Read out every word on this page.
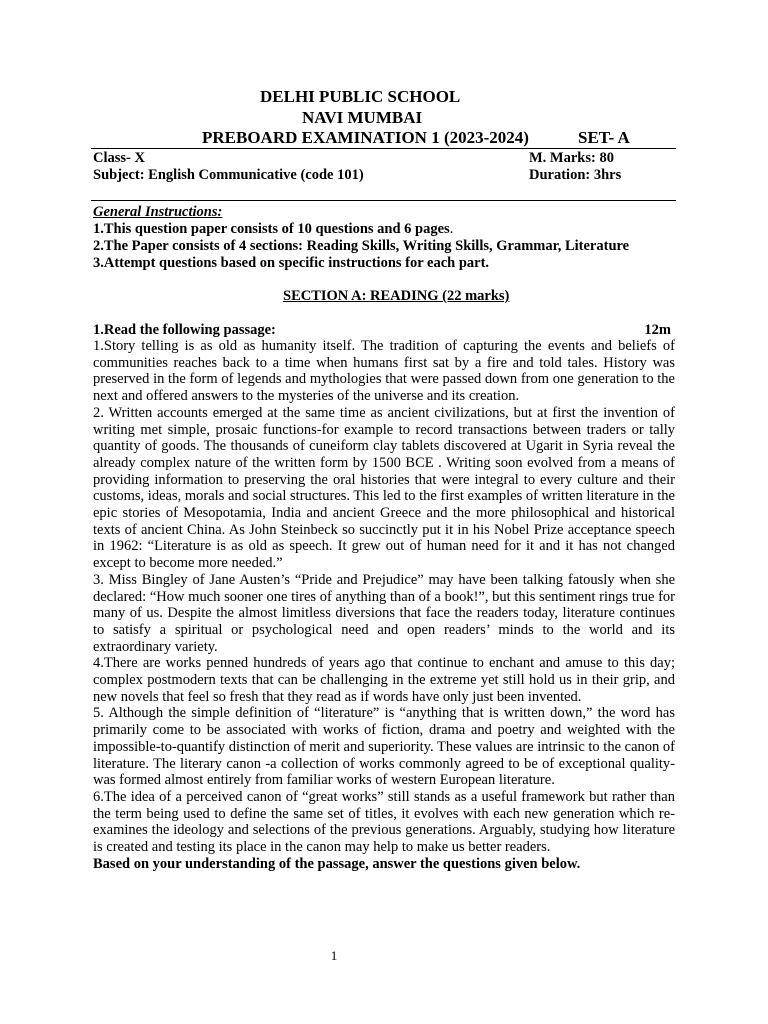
DELHI PUBLIC SCHOOL
NAVI MUMBAI
PREBOARD EXAMINATION 1 (2023-2024)	SET- A
Class- X
Subject: English Communicative (code 101)
M. Marks: 80
Duration: 3hrs
General Instructions:
1.This question paper consists of 10 questions and 6 pages.
2.The Paper consists of 4 sections: Reading Skills, Writing Skills, Grammar, Literature
3.Attempt questions based on specific instructions for each part.
SECTION A: READING (22 marks)
1.Read the following passage:	12m

1.Story telling is as old as humanity itself. The tradition of capturing the events and beliefs of communities reaches back to a time when humans first sat by a fire and told tales. History was preserved in the form of legends and mythologies that were passed down from one generation to the next and offered answers to the mysteries of the universe and its creation.

2. Written accounts emerged at the same time as ancient civilizations, but at first the invention of writing met simple, prosaic functions-for example to record transactions between traders or tally quantity of goods. The thousands of cuneiform clay tablets discovered at Ugarit in Syria reveal the already complex nature of the written form by 1500 BCE . Writing soon evolved from a means of providing information to preserving the oral histories that were integral to every culture and their customs, ideas, morals and social structures. This led to the first examples of written literature in the epic stories of Mesopotamia, India and ancient Greece and the more philosophical and historical texts of ancient China. As John Steinbeck so succinctly put it in his Nobel Prize acceptance speech in 1962: “Literature is as old as speech. It grew out of human need for it and it has not changed except to become more needed.”

3. Miss Bingley of Jane Austen’s “Pride and Prejudice” may have been talking fatously when she declared: “How much sooner one tires of anything than of a book!”, but this sentiment rings true for many of us. Despite the almost limitless diversions that face the readers today, literature continues to satisfy a spiritual or psychological need and open readers’ minds to the world and its extraordinary variety.

4.There are works penned hundreds of years ago that continue to enchant and amuse to this day; complex postmodern texts that can be challenging in the extreme yet still hold us in their grip, and new novels that feel so fresh that they read as if words have only just been invented.

5. Although the simple definition of “literature” is “anything that is written down,” the word has primarily come to be associated with works of fiction, drama and poetry and weighted with the impossible-to-quantify distinction of merit and superiority. These values are intrinsic to the canon of literature. The literary canon -a collection of works commonly agreed to be of exceptional quality- was formed almost entirely from familiar works of western European literature.

6.The idea of a perceived canon of “great works” still stands as a useful framework but rather than the term being used to define the same set of titles, it evolves with each new generation which re- examines the ideology and selections of the previous generations. Arguably, studying how literature is created and testing its place in the canon may help to make us better readers.

Based on your understanding of the passage, answer the questions given below.

1
